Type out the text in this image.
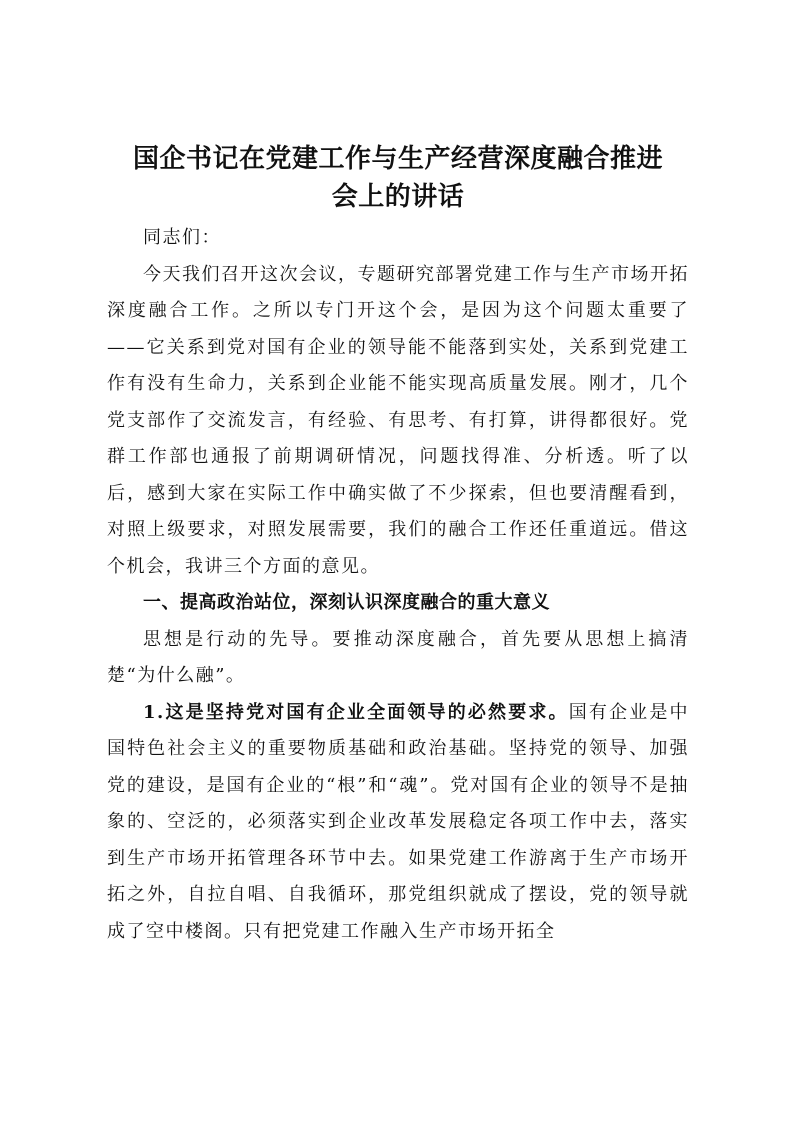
国企书记在党建工作与生产经营深度融合推进
会上的讲话

同志们：

今天我们召开这次会议，专题研究部署党建工作与生产市场开拓深度融合工作。之所以专门开这个会，是因为这个问题太重要了——它关系到党对国有企业的领导能不能落到实处，关系到党建工作有没有生命力，关系到企业能不能实现高质量发展。刚才，几个党支部作了交流发言，有经验、有思考、有打算，讲得都很好。党群工作部也通报了前期调研情况，问题找得准、分析透。听了以后，感到大家在实际工作中确实做了不少探索，但也要清醒看到，对照上级要求，对照发展需要，我们的融合工作还任重道远。借这个机会，我讲三个方面的意见。

一、提高政治站位，深刻认识深度融合的重大意义

思想是行动的先导。要推动深度融合，首先要从思想上搞清楚“为什么融”。

1.这是坚持党对国有企业全面领导的必然要求。国有企业是中国特色社会主义的重要物质基础和政治基础。坚持党的领导、加强党的建设，是国有企业的“根”和“魂”。党对国有企业的领导不是抽象的、空泛的，必须落实到企业改革发展稳定各项工作中去，落实到生产市场开拓管理各环节中去。如果党建工作游离于生产市场开拓之外，自拉自唱、自我循环，那党组织就成了摆设，党的领导就成了空中楼阁。只有把党建工作融入生产市场开拓全
